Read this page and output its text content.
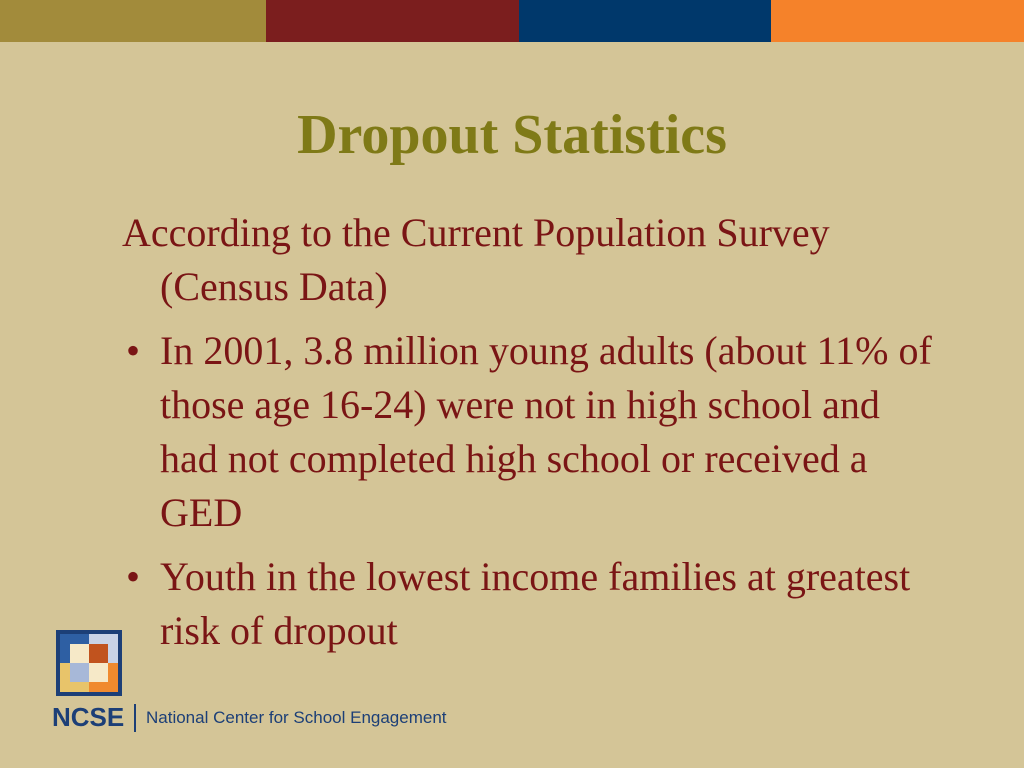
Dropout Statistics

According to the Current Population Survey (Census Data)

• In 2001, 3.8 million young adults (about 11% of those age 16-24) were not in high school and had not completed high school or received a GED
• Youth in the lowest income families at greatest risk of dropout
NCSE National Center for School Engagement
